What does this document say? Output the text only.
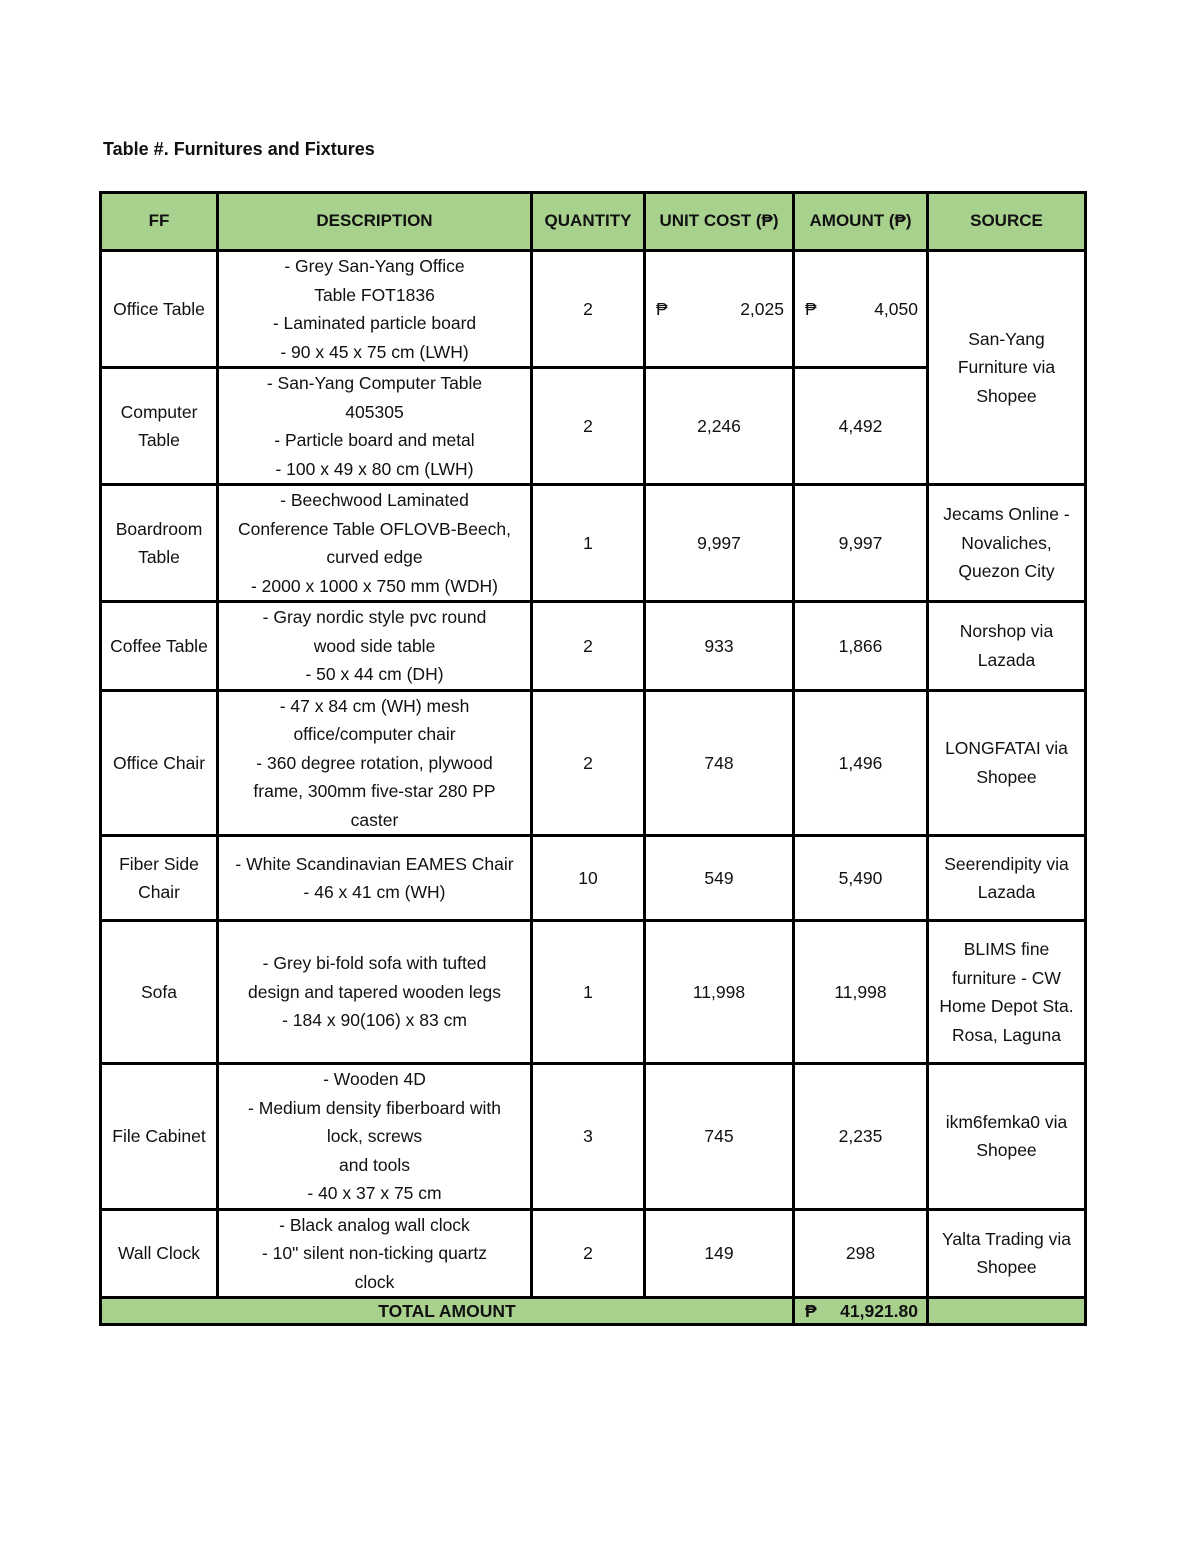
Table #. Furnitures and Fixtures
FF	DESCRIPTION	QUANTITY	UNIT COST (₱)	AMOUNT (₱)	SOURCE
Office Table	- Grey San-Yang Office
Table FOT1836
- Laminated particle board
- 90 x 45 x 75 cm (LWH)	2	₱ 2,025	₱ 4,050	San-Yang Furniture via Shopee
Computer Table	- San-Yang Computer Table
405305
- Particle board and metal
- 100 x 49 x 80 cm (LWH)	2	2,246	4,492	
Boardroom Table	- Beechwood Laminated
Conference Table OFLOVB-Beech,
curved edge
- 2000 x 1000 x 750 mm (WDH)	1	9,997	9,997	Jecams Online - Novaliches, Quezon City
Coffee Table	- Gray nordic style pvc round
wood side table
- 50 x 44 cm (DH)	2	933	1,866	Norshop via Lazada
Office Chair	- 47 x 84 cm (WH) mesh
office/computer chair
- 360 degree rotation, plywood
frame, 300mm five-star 280 PP
caster	2	748	1,496	LONGFATAI via Shopee
Fiber Side Chair	- White Scandinavian EAMES Chair
- 46 x 41 cm (WH)	10	549	5,490	Seerendipity via Lazada
Sofa	- Grey bi-fold sofa with tufted
design and tapered wooden legs
- 184 x 90(106) x 83 cm	1	11,998	11,998	BLIMS fine furniture - CW Home Depot Sta. Rosa, Laguna
File Cabinet	- Wooden 4D
- Medium density fiberboard with
lock, screws
and tools
- 40 x 37 x 75 cm	3	745	2,235	ikm6femka0 via Shopee
Wall Clock	- Black analog wall clock
- 10" silent non-ticking quartz
clock	2	149	298	Yalta Trading via Shopee
TOTAL AMOUNT				₱ 41,921.80	
